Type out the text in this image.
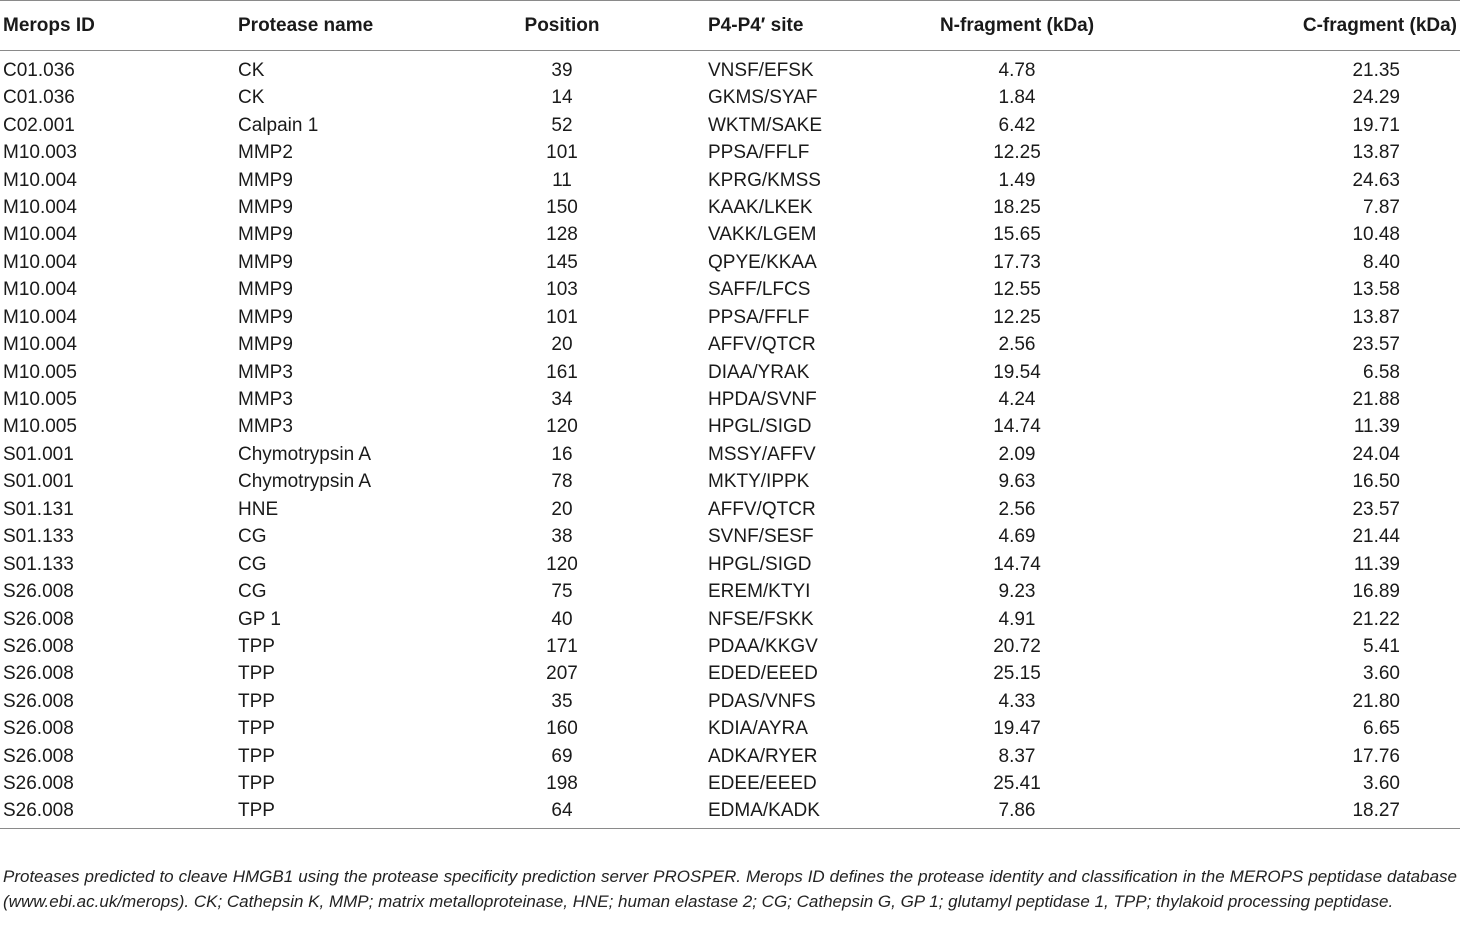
Merops ID	Protease name	Position	P4-P4′ site	N-fragment (kDa)	C-fragment (kDa)
C01.036	CK	39	VNSF/EFSK	4.78	21.35
C01.036	CK	14	GKMS/SYAF	1.84	24.29
C02.001	Calpain 1	52	WKTM/SAKE	6.42	19.71
M10.003	MMP2	101	PPSA/FFLF	12.25	13.87
M10.004	MMP9	11	KPRG/KMSS	1.49	24.63
M10.004	MMP9	150	KAAK/LKEK	18.25	7.87
M10.004	MMP9	128	VAKK/LGEM	15.65	10.48
M10.004	MMP9	145	QPYE/KKAA	17.73	8.40
M10.004	MMP9	103	SAFF/LFCS	12.55	13.58
M10.004	MMP9	101	PPSA/FFLF	12.25	13.87
M10.004	MMP9	20	AFFV/QTCR	2.56	23.57
M10.005	MMP3	161	DIAA/YRAK	19.54	6.58
M10.005	MMP3	34	HPDA/SVNF	4.24	21.88
M10.005	MMP3	120	HPGL/SIGD	14.74	11.39
S01.001	Chymotrypsin A	16	MSSY/AFFV	2.09	24.04
S01.001	Chymotrypsin A	78	MKTY/IPPK	9.63	16.50
S01.131	HNE	20	AFFV/QTCR	2.56	23.57
S01.133	CG	38	SVNF/SESF	4.69	21.44
S01.133	CG	120	HPGL/SIGD	14.74	11.39
S26.008	CG	75	EREM/KTYI	9.23	16.89
S26.008	GP 1	40	NFSE/FSKK	4.91	21.22
S26.008	TPP	171	PDAA/KKGV	20.72	5.41
S26.008	TPP	207	EDED/EEED	25.15	3.60
S26.008	TPP	35	PDAS/VNFS	4.33	21.80
S26.008	TPP	160	KDIA/AYRA	19.47	6.65
S26.008	TPP	69	ADKA/RYER	8.37	17.76
S26.008	TPP	198	EDEE/EEED	25.41	3.60
S26.008	TPP	64	EDMA/KADK	7.86	18.27

Proteases predicted to cleave HMGB1 using the protease specificity prediction server PROSPER. Merops ID defines the protease identity and classification in the MEROPS peptidase database (www.ebi.ac.uk/merops). CK; Cathepsin K, MMP; matrix metalloproteinase, HNE; human elastase 2; CG; Cathepsin G, GP 1; glutamyl peptidase 1, TPP; thylakoid processing peptidase.
